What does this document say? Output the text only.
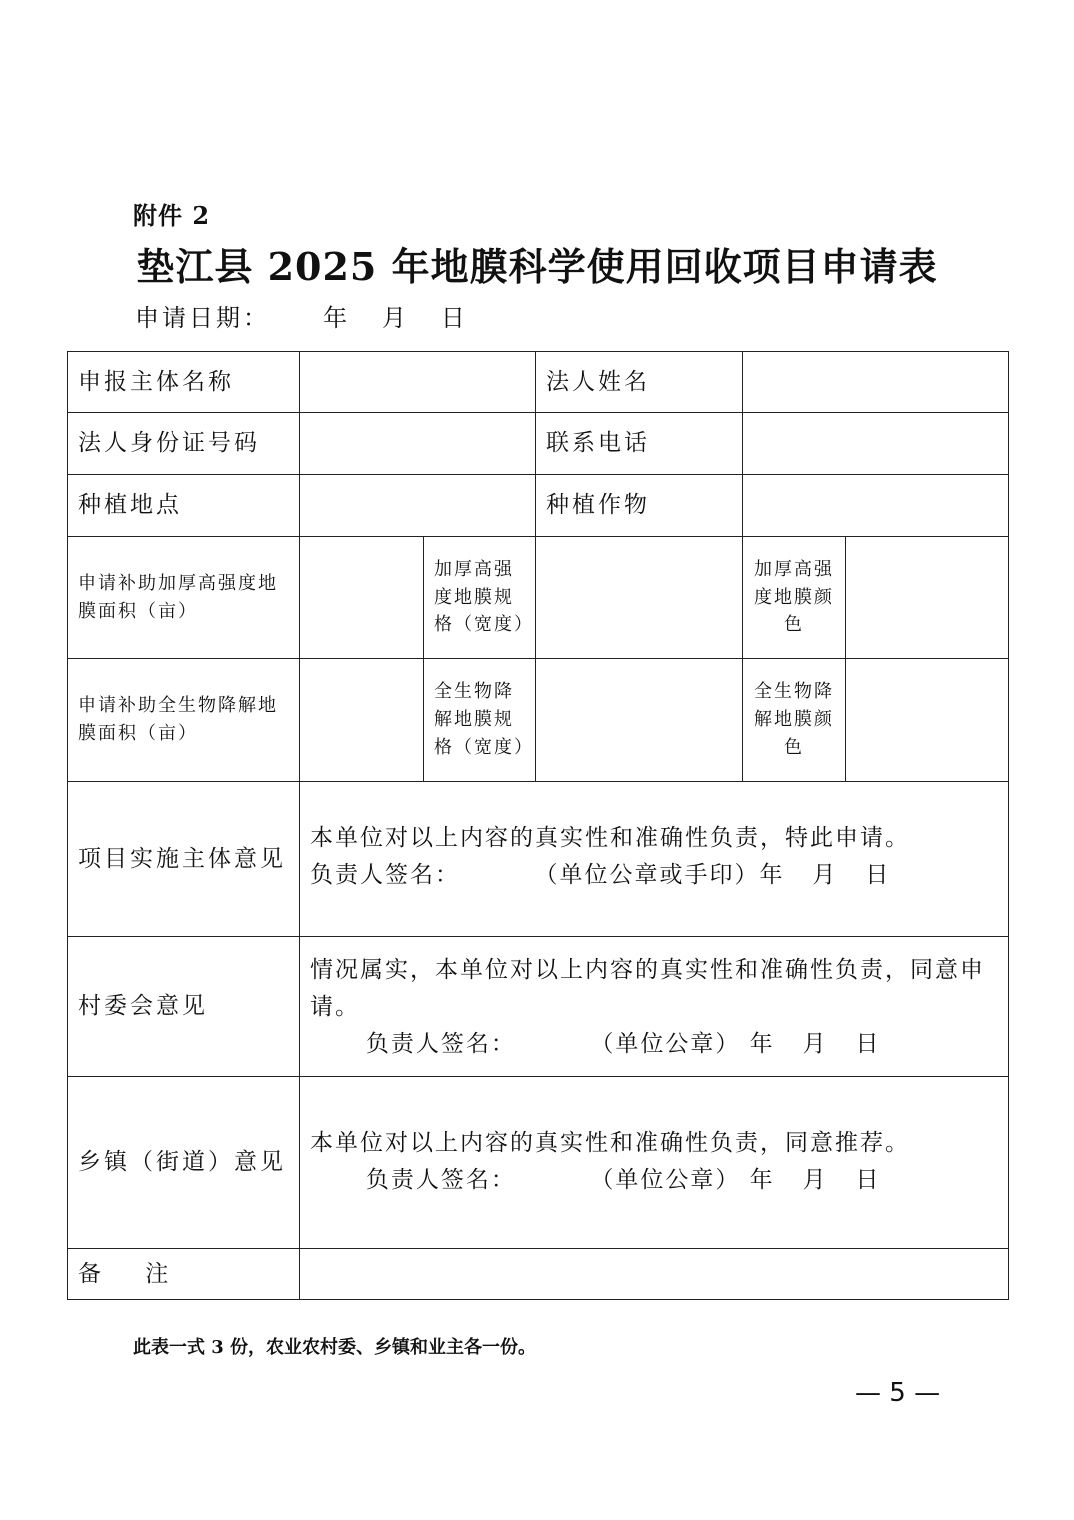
附件 2
垫江县 2025 年地膜科学使用回收项目申请表
申请日期：     年   月   日
申报主体名称			法人姓名		
法人身份证号码			联系电话		
种植地点			种植作物		
申请补助加厚高强度地膜面积（亩）		加厚高强度地膜规格（宽度）		加厚高强度地膜颜色	
申请补助全生物降解地膜面积（亩）		全生物降解地膜规格（宽度）		全生物降解地膜颜色	
项目实施主体意见	本单位对以上内容的真实性和准确性负责，特此申请。
负责人签名：        （单位公章或手印）年   月   日				

村委会意见	情况属实，本单位对以上内容的真实性和准确性负责，同意申
请。
负责人签名：        （单位公章） 年   月   日				

乡镇（街道）意见	本单位对以上内容的真实性和准确性负责，同意推荐。
负责人签名：        （单位公章） 年   月   日				

备    注					
此表一式 3 份，农业农村委、乡镇和业主各一份。
— 5 —
